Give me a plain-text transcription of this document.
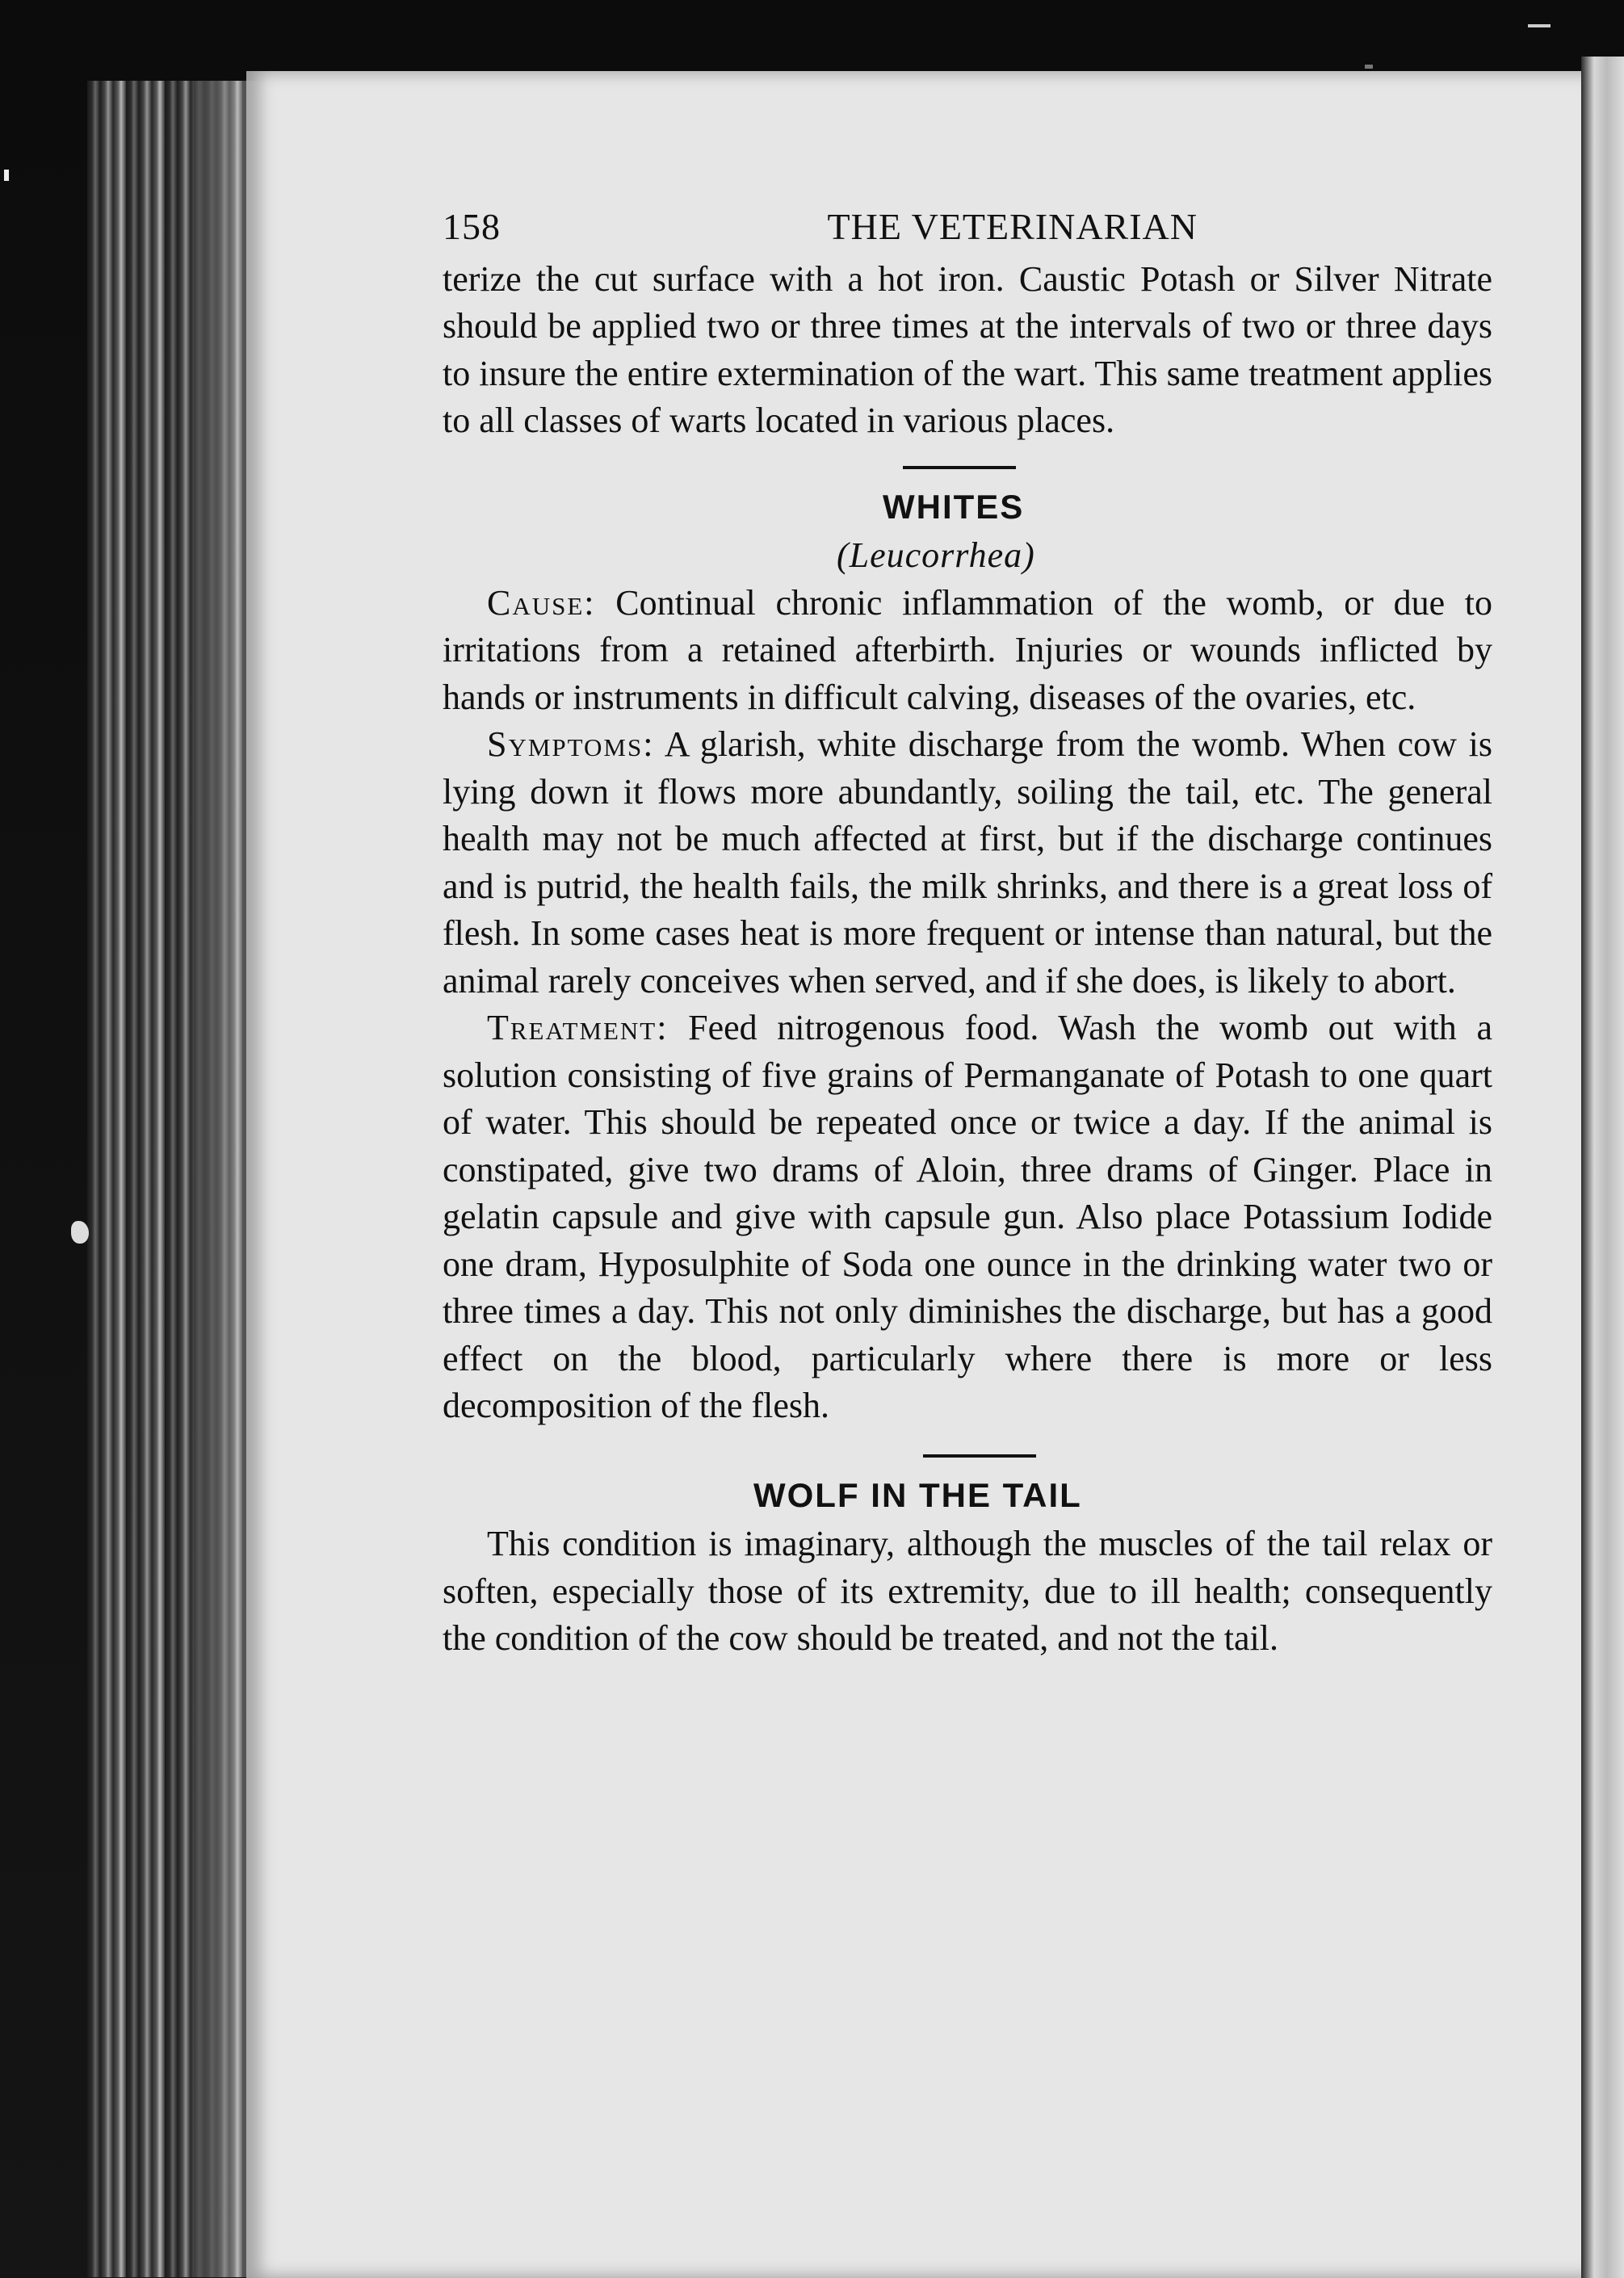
158	THE VETERINARIAN

terize the cut surface with a hot iron. Caustic Potash or Silver Nitrate should be applied two or three times at the intervals of two or three days to insure the entire extermination of the wart. This same treatment applies to all classes of warts located in various places.

WHITES
(Leucorrhea)

Cause: Continual chronic inflammation of the womb, or due to irritations from a retained afterbirth. Injuries or wounds inflicted by hands or instruments in difficult calving, diseases of the ovaries, etc.

Symptoms: A glarish, white discharge from the womb. When cow is lying down it flows more abundantly, soiling the tail, etc. The general health may not be much affected at first, but if the discharge continues and is putrid, the health fails, the milk shrinks, and there is a great loss of flesh. In some cases heat is more frequent or intense than natural, but the animal rarely conceives when served, and if she does, is likely to abort.

Treatment: Feed nitrogenous food. Wash the womb out with a solution consisting of five grains of Permanganate of Potash to one quart of water. This should be repeated once or twice a day. If the animal is constipated, give two drams of Aloin, three drams of Ginger. Place in gelatin capsule and give with capsule gun. Also place Potassium Iodide one dram, Hyposulphite of Soda one ounce in the drinking water two or three times a day. This not only diminishes the discharge, but has a good effect on the blood, particularly where there is more or less decomposition of the flesh.

WOLF IN THE TAIL

This condition is imaginary, although the muscles of the tail relax or soften, especially those of its extremity, due to ill health; consequently the condition of the cow should be treated, and not the tail.
